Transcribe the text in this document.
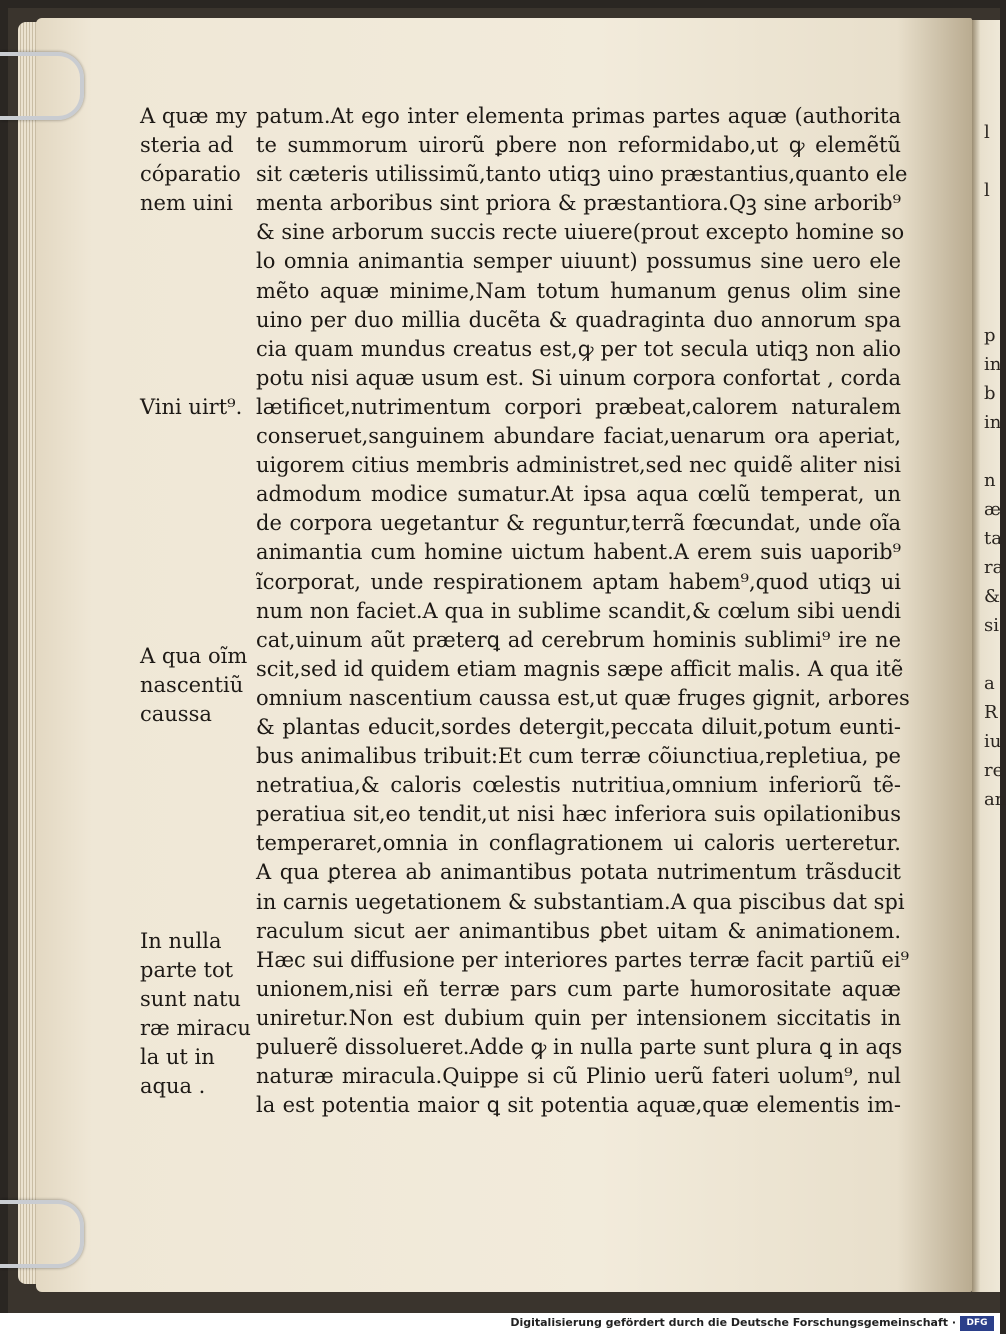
A quæ my
steria ad
cóparatio
nem uini
Vini uirt⁹.
A qua oĩm
nascentiũ
caussa
In nulla
parte tot
sunt natu
ræ miracu
la ut in
aqua .
patum.At ego inter elementa primas partes aquæ (authorita
te summorum uirorũ ꝑbere non reformidabo,ut ꝙ elemẽtũ
sit cæteris utilissimũ,tanto utiqꝫ uino præstantius,quanto ele
menta arboribus sint priora & præstantiora.Qꝫ sine arborib⁹
& sine arborum succis recte uiuere(prout excepto homine so
lo omnia animantia semper uiuunt) possumus sine uero ele
mẽto aquæ minime,Nam totum humanum genus olim sine
uino per duo millia ducẽta & quadraginta duo annorum spa
cia quam mundus creatus est,ꝙ per tot secula utiqꝫ non alio
potu nisi aquæ usum est. Si uinum corpora confortat , corda
lætificet,nutrimentum corpori præbeat,calorem naturalem
conseruet,sanguinem abundare faciat,uenarum ora aperiat,
uigorem citius membris administret,sed nec quidẽ aliter nisi
admodum modice sumatur.At ipsa aqua cœlũ temperat, un
de corpora uegetantur & reguntur,terrã fœcundat, unde oĩa
animantia cum homine uictum habent.A erem suis uaporib⁹
ĩcorporat, unde respirationem aptam habem⁹,quod utiqꝫ ui
num non faciet.A qua in sublime scandit,& cœlum sibi uendi
cat,uinum aũt præterꝗ ad cerebrum hominis sublimi⁹ ire ne
scit,sed id quidem etiam magnis sæpe afficit malis. A qua itẽ
omnium nascentium caussa est,ut quæ fruges gignit, arbores
& plantas educit,sordes detergit,peccata diluit,potum eunti-
bus animalibus tribuit:Et cum terræ cõiunctiua,repletiua, pe
netratiua,& caloris cœlestis nutritiua,omnium inferiorũ tẽ-
peratiua sit,eo tendit,ut nisi hæc inferiora suis opilationibus
temperaret,omnia in conflagrationem ui caloris uerteretur.
A qua ꝑterea ab animantibus potata nutrimentum trãsducit
in carnis uegetationem & substantiam.A qua piscibus dat spi
raculum sicut aer animantibus ꝑbet uitam & animationem.
Hæc sui diffusione per interiores partes terræ facit partiũ ei⁹
unionem,nisi eñ terræ pars cum parte humorositate aquæ
uniretur.Non est dubium quin per intensionem siccitatis in
puluerẽ dissolueret.Adde ꝙ in nulla parte sunt plura ꝗ in aqs
naturæ miracula.Quippe si cũ Plinio uerũ fateri uolum⁹, nul
la est potentia maior ꝗ sit potentia aquæ,quæ elementis im-
l
l
p
in
b
in
n
æ
ta
ra
&
si
a
R
iu
re
an
Digitalisierung gefördert durch die Deutsche Forschungsgemeinschaft ·	DFG
